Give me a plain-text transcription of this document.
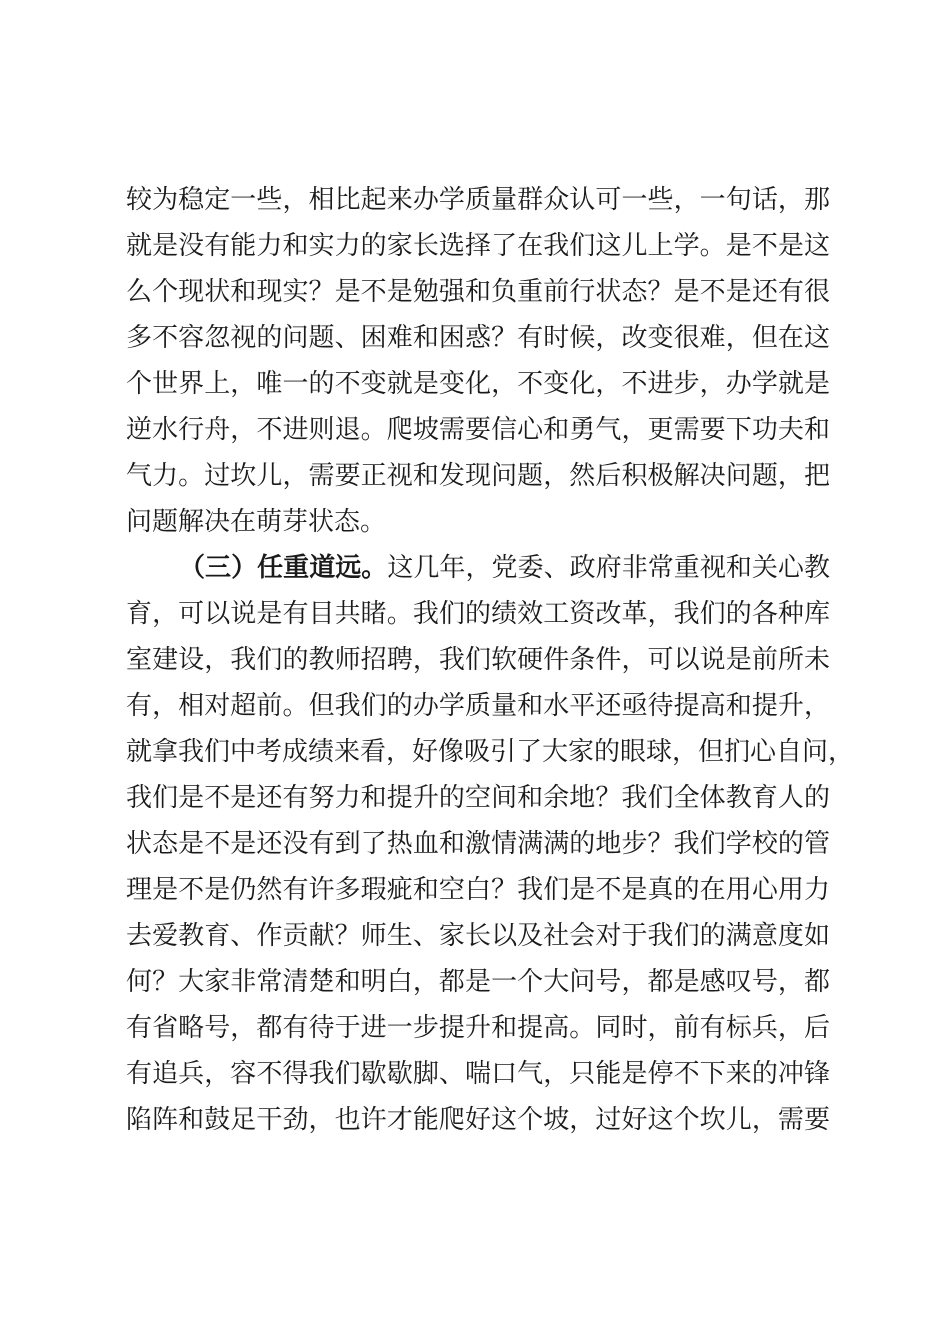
较为稳定一些，相比起来办学质量群众认可一些，一句话，那
就是没有能力和实力的家长选择了在我们这儿上学。是不是这
么个现状和现实？是不是勉强和负重前行状态？是不是还有很
多不容忽视的问题、困难和困惑？有时候，改变很难，但在这
个世界上，唯一的不变就是变化，不变化，不进步，办学就是
逆水行舟，不进则退。爬坡需要信心和勇气，更需要下功夫和
气力。过坎儿，需要正视和发现问题，然后积极解决问题，把
问题解决在萌芽状态。
（三）任重道远。这几年，党委、政府非常重视和关心教
育，可以说是有目共睹。我们的绩效工资改革，我们的各种库
室建设，我们的教师招聘，我们软硬件条件，可以说是前所未
有，相对超前。但我们的办学质量和水平还亟待提高和提升，
就拿我们中考成绩来看，好像吸引了大家的眼球，但扪心自问，
我们是不是还有努力和提升的空间和余地？我们全体教育人的
状态是不是还没有到了热血和激情满满的地步？我们学校的管
理是不是仍然有许多瑕疵和空白？我们是不是真的在用心用力
去爱教育、作贡献？师生、家长以及社会对于我们的满意度如
何？大家非常清楚和明白，都是一个大问号，都是感叹号，都
有省略号，都有待于进一步提升和提高。同时，前有标兵，后
有追兵，容不得我们歇歇脚、喘口气，只能是停不下来的冲锋
陷阵和鼓足干劲，也许才能爬好这个坡，过好这个坎儿，需要
